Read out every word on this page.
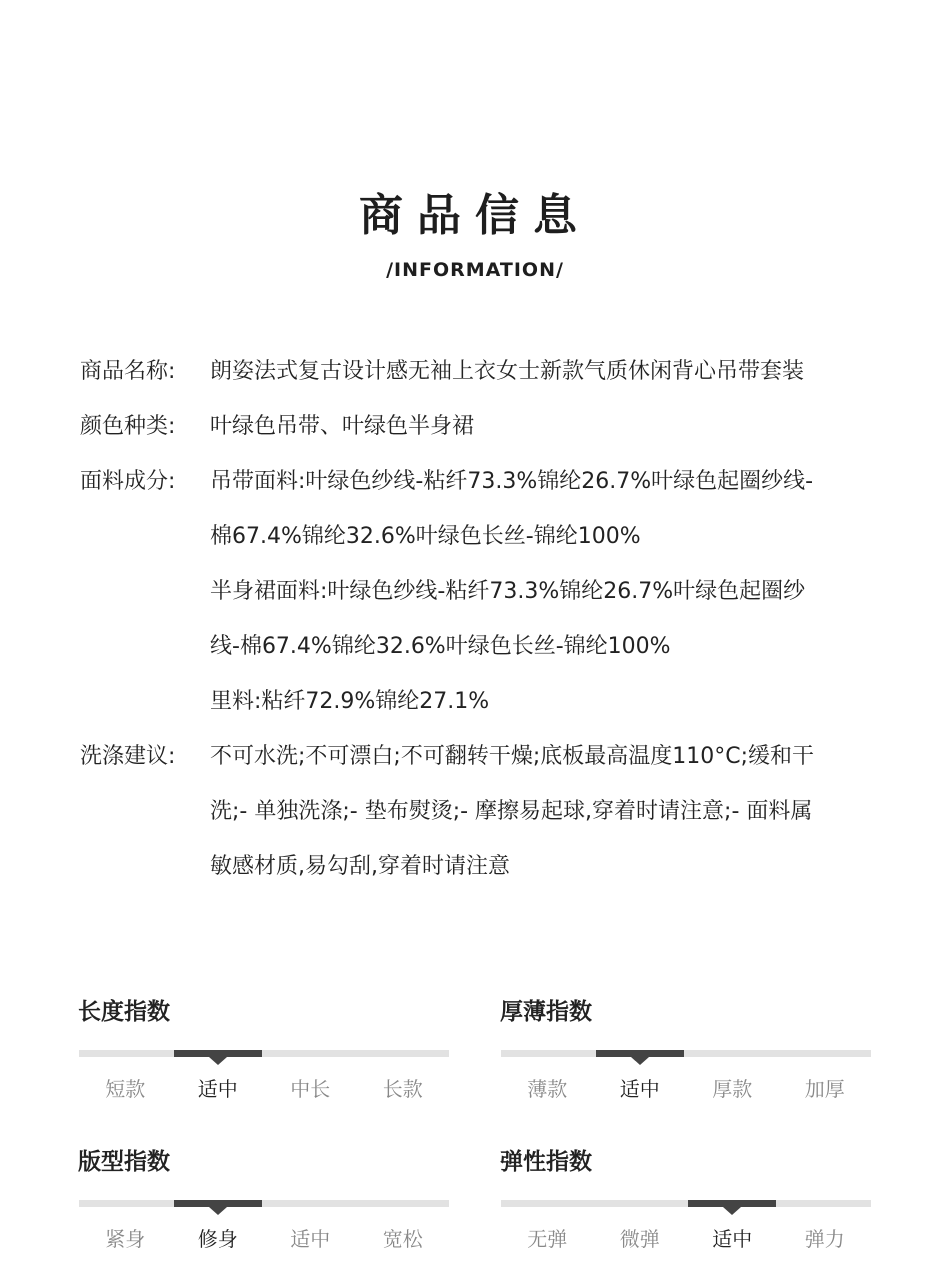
商品信息
/INFORMATION/
商品名称:	朗姿法式复古设计感无袖上衣女士新款气质休闲背心吊带套装
颜色种类:	叶绿色吊带、叶绿色半身裙
面料成分:	吊带面料:叶绿色纱线-粘纤73.3%锦纶26.7%叶绿色起圈纱线-
棉67.4%锦纶32.6%叶绿色长丝-锦纶100%
半身裙面料:叶绿色纱线-粘纤73.3%锦纶26.7%叶绿色起圈纱
线-棉67.4%锦纶32.6%叶绿色长丝-锦纶100%
里料:粘纤72.9%锦纶27.1%
洗涤建议:	不可水洗;不可漂白;不可翻转干燥;底板最高温度110°C;缓和干
洗;- 单独洗涤;- 垫布熨烫;- 摩擦易起球,穿着时请注意;- 面料属
敏感材质,易勾刮,穿着时请注意
长度指数
短款	适中	中长	长款
厚薄指数
薄款	适中	厚款	加厚
版型指数
紧身	修身	适中	宽松
弹性指数
无弹	微弹	适中	弹力
